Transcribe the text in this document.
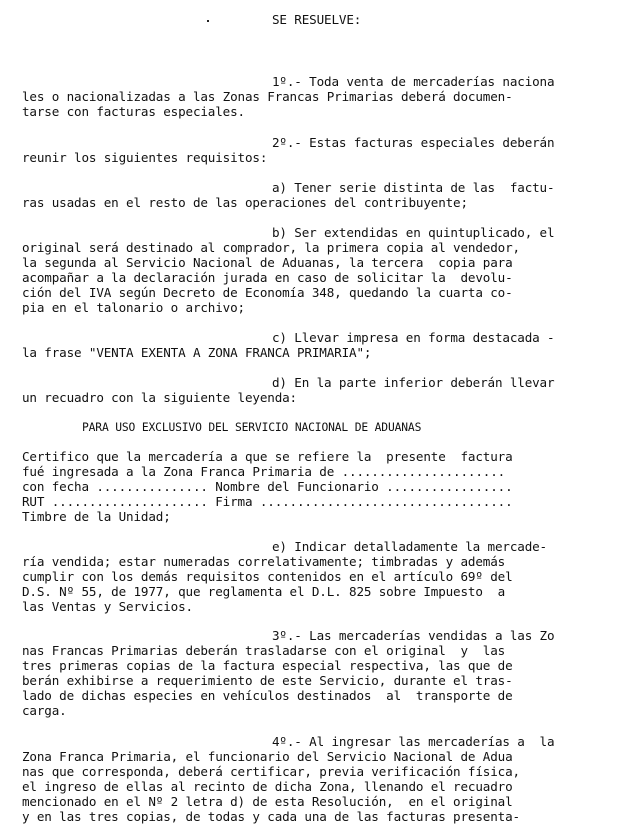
SE RESUELVE:
1º.- Toda venta de mercaderías naciona
les o nacionalizadas a las Zonas Francas Primarias deberá documen-
tarse con facturas especiales.
2º.- Estas facturas especiales deberán
reunir los siguientes requisitos:
a) Tener serie distinta de las  factu-
ras usadas en el resto de las operaciones del contribuyente;
b) Ser extendidas en quintuplicado, el
original será destinado al comprador, la primera copia al vendedor,
la segunda al Servicio Nacional de Aduanas, la tercera  copia para
acompañar a la declaración jurada en caso de solicitar la  devolu-
ción del IVA según Decreto de Economía 348, quedando la cuarta co-
pia en el talonario o archivo;
c) Llevar impresa en forma destacada -
la frase "VENTA EXENTA A ZONA FRANCA PRIMARIA";
d) En la parte inferior deberán llevar
un recuadro con la siguiente leyenda:
PARA USO EXCLUSIVO DEL SERVICIO NACIONAL DE ADUANAS
Certifico que la mercadería a que se refiere la  presente  factura
fué ingresada a la Zona Franca Primaria de ......................
con fecha ............... Nombre del Funcionario .................
RUT ..................... Firma ..................................
Timbre de la Unidad;
e) Indicar detalladamente la mercade-
ría vendida; estar numeradas correlativamente; timbradas y además
cumplir con los demás requisitos contenidos en el artículo 69º del
D.S. Nº 55, de 1977, que reglamenta el D.L. 825 sobre Impuesto  a
las Ventas y Servicios.
3º.- Las mercaderías vendidas a las Zo
nas Francas Primarias deberán trasladarse con el original  y  las
tres primeras copias de la factura especial respectiva, las que de
berán exhibirse a requerimiento de este Servicio, durante el tras-
lado de dichas especies en vehículos destinados  al  transporte de
carga.
4º.- Al ingresar las mercaderías a  la
Zona Franca Primaria, el funcionario del Servicio Nacional de Adua
nas que corresponda, deberá certificar, previa verificación física,
el ingreso de ellas al recinto de dicha Zona, llenando el recuadro
mencionado en el Nº 2 letra d) de esta Resolución,  en el original
y en las tres copias, de todas y cada una de las facturas presenta-
